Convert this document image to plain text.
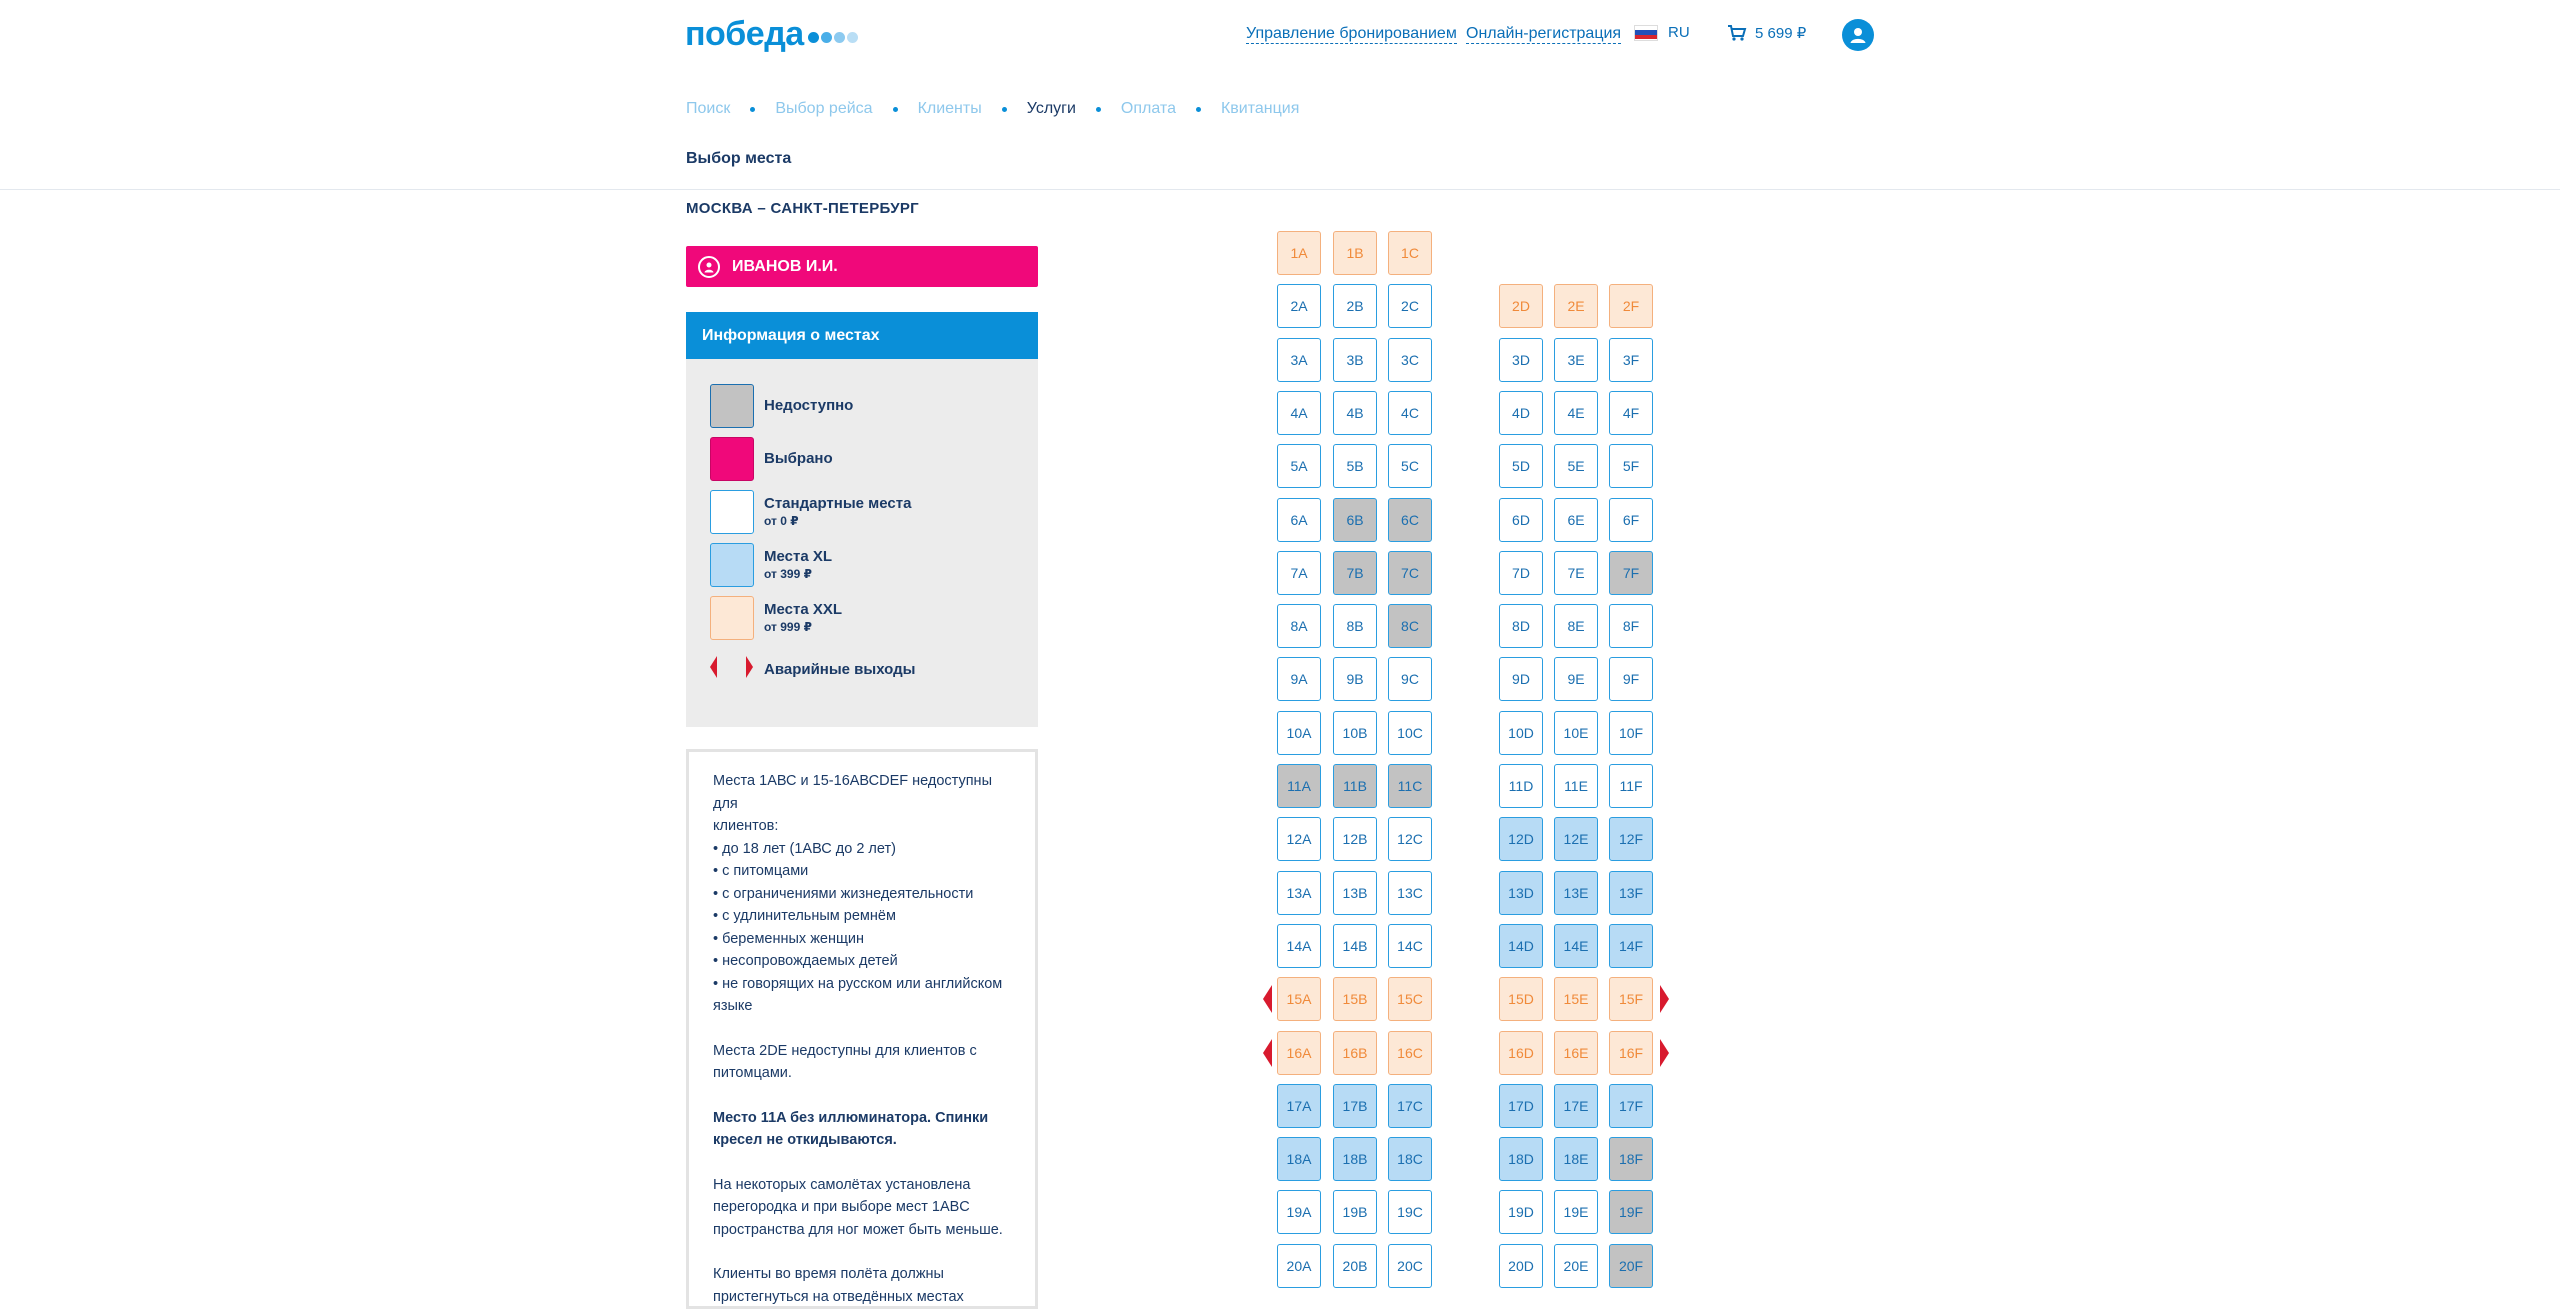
победа	Управление бронированием Онлайн-регистрация	RU	5 699 ₽
Поиск	Выбор рейса	Клиенты	Услуги	Оплата	Квитанция
Выбор места
МОСКВА – САНКТ-ПЕТЕРБУРГ
ИВАНОВ И.И.
Информация о местах
Недоступно
Выбрано
Стандартные места
от 0 ₽
Места XL
от 399 ₽
Места XXL
от 999 ₽
Аварийные выходы

Места 1АВС и 15-16АВСDEF недоступны для

клиентов:

• до 18 лет (1АВС до 2 лет)

• с питомцами

• с ограничениями жизнедеятельности

• с удлинительным ремнём

• беременных женщин

• несопровождаемых детей

• не говорящих на русском или английском

языке

Места 2DE недоступны для клиентов с

питомцами.

Место 11A без иллюминатора. Спинки

кресел не откидываются.

На некоторых самолётах установлена

перегородка и при выборе мест 1ABC

пространства для ног может быть меньше.

Клиенты во время полёта должны

пристегнуться на отведённых местах

1A	1B	1C
2A	2B	2C	2D	2E	2F
3A	3B	3C	3D	3E	3F
4A	4B	4C	4D	4E	4F
5A	5B	5C	5D	5E	5F
6A	6B	6C	6D	6E	6F
7A	7B	7C	7D	7E	7F
8A	8B	8C	8D	8E	8F
9A	9B	9C	9D	9E	9F
10A	10B	10C	10D	10E	10F
11A	11B	11C	11D	11E	11F
12A	12B	12C	12D	12E	12F
13A	13B	13C	13D	13E	13F
14A	14B	14C	14D	14E	14F
15A	15B	15C	15D	15E	15F
16A	16B	16C	16D	16E	16F
17A	17B	17C	17D	17E	17F
18A	18B	18C	18D	18E	18F
19A	19B	19C	19D	19E	19F
20A	20B	20C	20D	20E	20F
